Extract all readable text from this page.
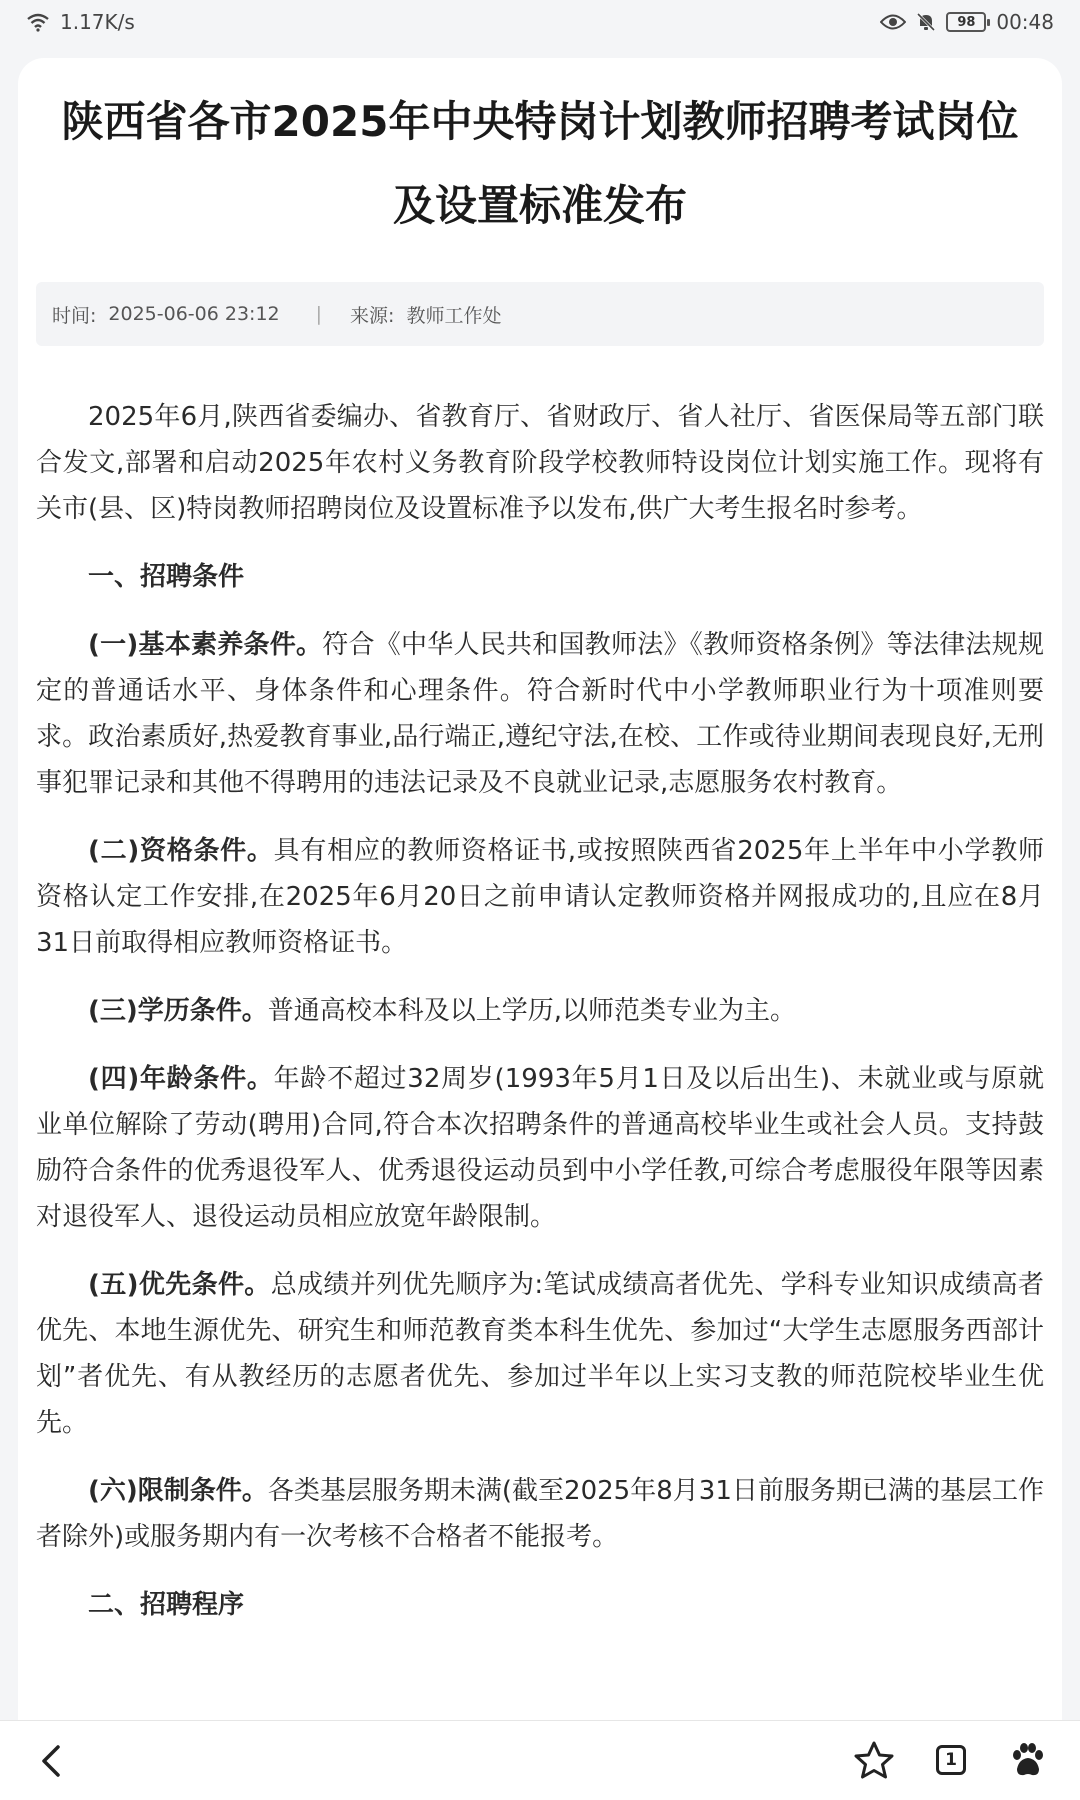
1.17K/s	98	00:48
陕西省各市2025年中央特岗计划教师招聘考试岗位及设置标准发布
时间: 2025-06-06 23:12 | 来源: 教师工作处

2025年6月,陕西省委编办、省教育厅、省财政厅、省人社厅、省医保局等五部门联合发文,部署和启动2025年农村义务教育阶段学校教师特设岗位计划实施工作。现将有关市(县、区)特岗教师招聘岗位及设置标准予以发布,供广大考生报名时参考。

一、招聘条件

(一)基本素养条件。符合《中华人民共和国教师法》《教师资格条例》等法律法规规定的普通话水平、身体条件和心理条件。符合新时代中小学教师职业行为十项准则要求。政治素质好,热爱教育事业,品行端正,遵纪守法,在校、工作或待业期间表现良好,无刑事犯罪记录和其他不得聘用的违法记录及不良就业记录,志愿服务农村教育。

(二)资格条件。具有相应的教师资格证书,或按照陕西省2025年上半年中小学教师资格认定工作安排,在2025年6月20日之前申请认定教师资格并网报成功的,且应在8月31日前取得相应教师资格证书。

(三)学历条件。普通高校本科及以上学历,以师范类专业为主。

(四)年龄条件。年龄不超过32周岁(1993年5月1日及以后出生)、未就业或与原就业单位解除了劳动(聘用)合同,符合本次招聘条件的普通高校毕业生或社会人员。支持鼓励符合条件的优秀退役军人、优秀退役运动员到中小学任教,可综合考虑服役年限等因素对退役军人、退役运动员相应放宽年龄限制。

(五)优先条件。总成绩并列优先顺序为:笔试成绩高者优先、学科专业知识成绩高者优先、本地生源优先、研究生和师范教育类本科生优先、参加过“大学生志愿服务西部计划”者优先、有从教经历的志愿者优先、参加过半年以上实习支教的师范院校毕业生优先。

(六)限制条件。各类基层服务期未满(截至2025年8月31日前服务期已满的基层工作者除外)或服务期内有一次考核不合格者不能报考。

二、招聘程序
1
